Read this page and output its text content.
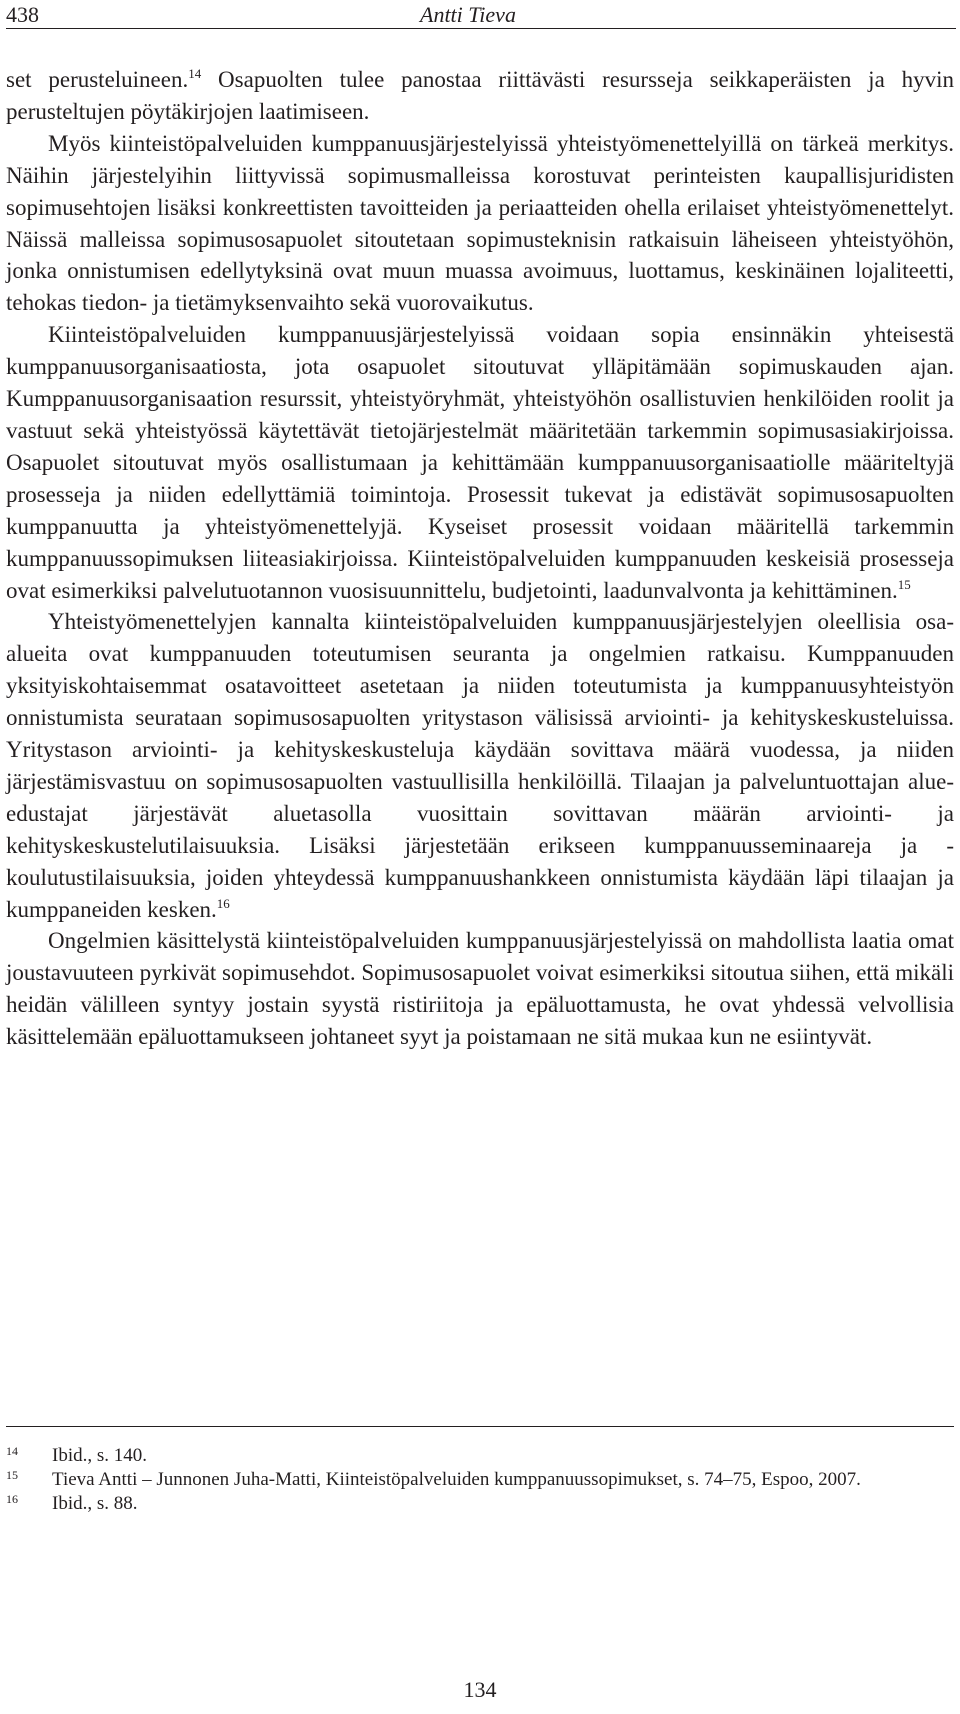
438	Antti Tieva

set perusteluineen.$^{14}$ Osapuolten tulee panostaa riittävästi resursseja seikkaperäisten ja hyvin perusteltujen pöytäkirjojen laatimiseen.

Myös kiinteistöpalveluiden kumppanuusjärjestelyissä yhteistyömenettelyillä on tärkeä merkitys. Näihin järjestelyihin liittyvissä sopimusmalleissa korostuvat perinteisten kaupallisjuridisten sopimusehtojen lisäksi konkreettisten tavoitteiden ja periaatteiden ohella erilaiset yhteistyömenettelyt. Näissä malleissa sopimusosapuolet sitoutetaan sopimusteknisin ratkaisuin läheiseen yhteistyöhön, jonka onnistumisen edellytyksinä ovat muun muassa avoimuus, luottamus, keskinäinen lojaliteetti, tehokas tiedon- ja tietämyksenvaihto sekä vuorovaikutus.

Kiinteistöpalveluiden kumppanuusjärjestelyissä voidaan sopia ensinnäkin yhteisestä kumppanuusorganisaatiosta, jota osapuolet sitoutuvat ylläpitämään sopimuskauden ajan. Kumppanuusorganisaation resurssit, yhteistyöryhmät, yhteistyöhön osallistuvien henkilöiden roolit ja vastuut sekä yhteistyössä käytettävät tietojärjestelmät määritetään tarkemmin sopimusasiakirjoissa. Osapuolet sitoutuvat myös osallistumaan ja kehittämään kumppanuusorganisaatiolle määriteltyjä prosesseja ja niiden edellyttämiä toimintoja. Prosessit tukevat ja edistävät sopimusosapuolten kumppanuutta ja yhteistyömenettelyjä. Kyseiset prosessit voidaan määritellä tarkemmin kumppanuussopimuksen liiteasiakirjoissa. Kiinteistöpalveluiden kumppanuuden keskeisiä prosesseja ovat esimerkiksi palvelutuotannon vuosisuunnittelu, budjetointi, laadunvalvonta ja kehittäminen.$^{15}$

Yhteistyömenettelyjen kannalta kiinteistöpalveluiden kumppanuusjärjestelyjen oleellisia osa-alueita ovat kumppanuuden toteutumisen seuranta ja ongelmien ratkaisu. Kumppanuuden yksityiskohtaisemmat osatavoitteet asetetaan ja niiden toteutumista ja kumppanuusyhteistyön onnistumista seurataan sopimusosapuolten yritystason välisissä arviointi- ja kehityskeskusteluissa. Yritystason arviointi- ja kehityskeskusteluja käydään sovittava määrä vuodessa, ja niiden järjestämisvastuu on sopimusosapuolten vastuullisilla henkilöillä. Tilaajan ja palveluntuottajan alue-edustajat järjestävät aluetasolla vuosittain sovittavan määrän arviointi- ja kehityskeskustelutilaisuuksia. Lisäksi järjestetään erikseen kumppanuusseminaareja ja -koulutustilaisuuksia, joiden yhteydessä kumppanuushankkeen onnistumista käydään läpi tilaajan ja kumppaneiden kesken.$^{16}$

Ongelmien käsittelystä kiinteistöpalveluiden kumppanuusjärjestelyissä on mahdollista laatia omat joustavuuteen pyrkivät sopimusehdot. Sopimusosapuolet voivat esimerkiksi sitoutua siihen, että mikäli heidän välilleen syntyy jostain syystä ristiriitoja ja epäluottamusta, he ovat yhdessä velvollisia käsittelemään epäluottamukseen johtaneet syyt ja poistamaan ne sitä mukaa kun ne esiintyvät.

14 Ibid., s. 140.
15 Tieva Antti – Junnonen Juha-Matti, Kiinteistöpalveluiden kumppanuussopimukset, s. 74–75, Espoo, 2007.
16 Ibid., s. 88.
134
